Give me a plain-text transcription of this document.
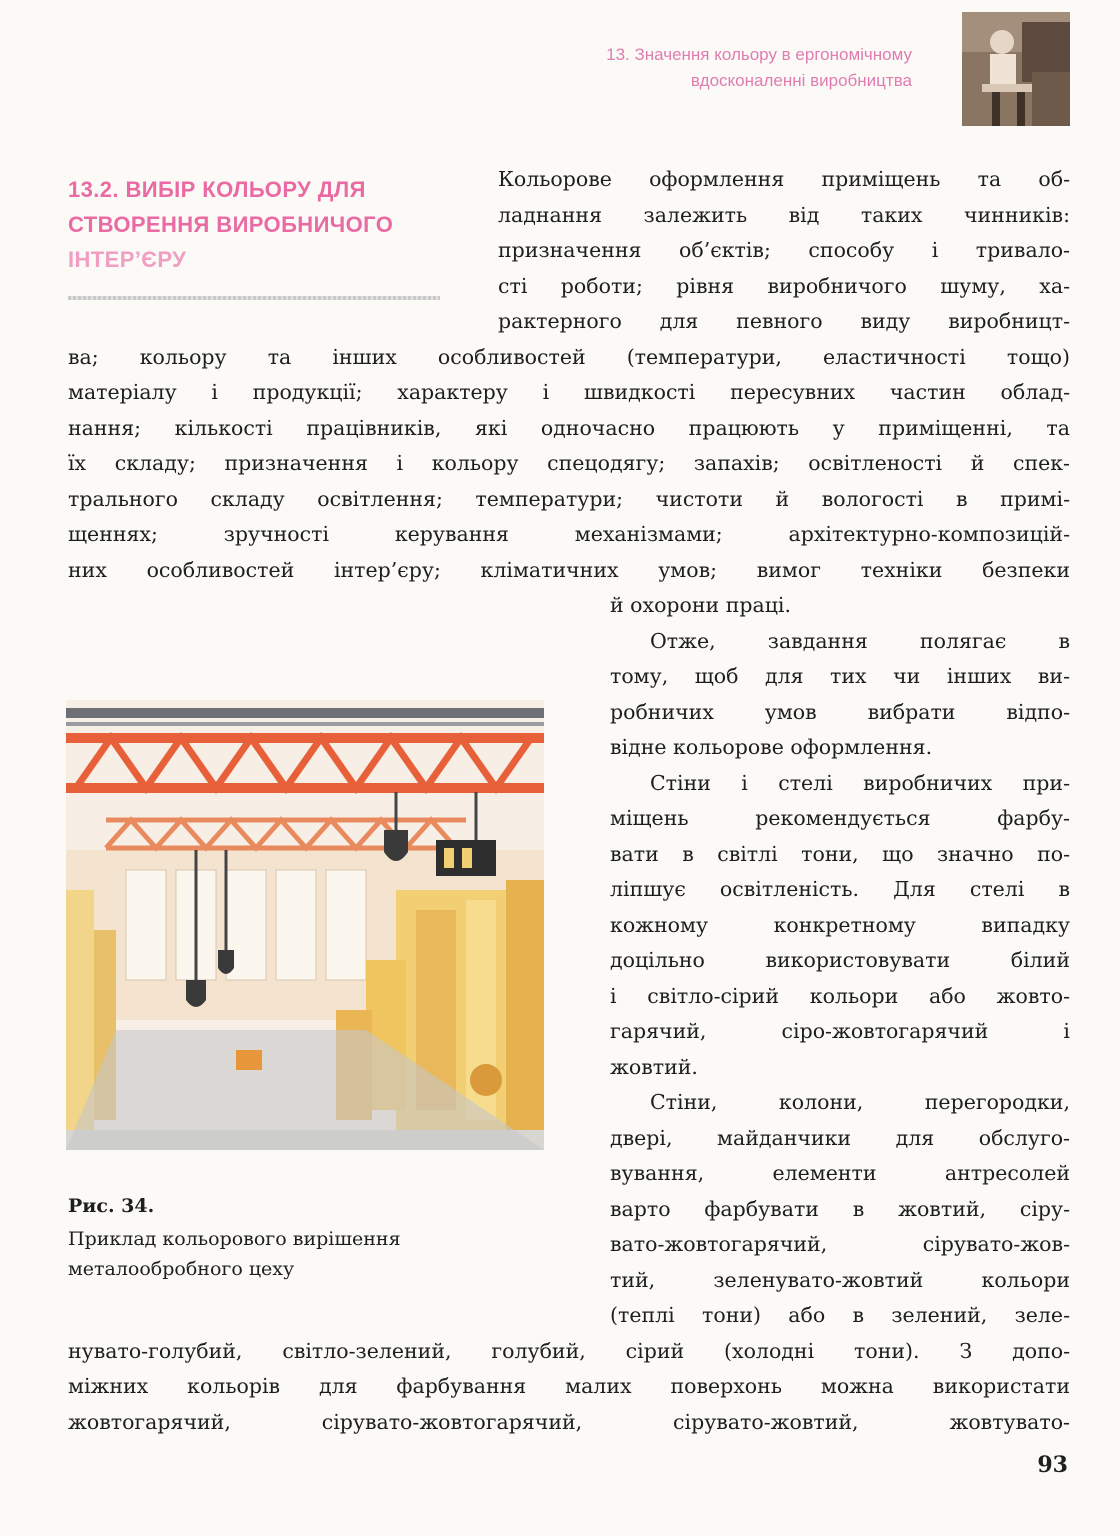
13. Значення кольору в ергономічному
вдосконаленні виробництва
13.2. ВИБІР КОЛЬОРУ ДЛЯ
СТВОРЕННЯ ВИРОБНИЧОГО
ІНТЕР’ЄРУ

Кольорове оформлення приміщень та об-

ладнання залежить від таких чинників:

призначення об’єктів; способу і тривало-

сті роботи; рівня виробничого шуму, ха-

рактерного для певного виду виробницт-

ва; кольору та інших особливостей (температури, еластичності тощо)

матеріалу і продукції; характеру і швидкості пересувних частин облад-

нання; кількості працівників, які одночасно працюють у приміщенні, та

їх складу; призначення і кольору спецодягу; запахів; освітленості й спек-

трального складу освітлення; температури; чистоти й вологості в примі-

щеннях; зручності керування механізмами; архітектурно-композицій-

них особливостей інтер’єру; кліматичних умов; вимог техніки безпеки

й охорони праці.

Отже, завдання полягає в

тому, щоб для тих чи інших ви-

робничих умов вибрати відпо-

відне кольорове оформлення.

Стіни і стелі виробничих при-

міщень рекомендується фарбу-

вати в світлі тони, що значно по-

ліпшує освітленість. Для стелі в

кожному конкретному випадку

доцільно використовувати білий

і світло-сірий кольори або жовто-

гарячий, сіро-жовтогарячий і

жовтий.

Стіни, колони, перегородки,

двері, майданчики для обслуго-

вування, елементи антресолей

варто фарбувати в жовтий, сіру-

вато-жовтогарячий, сірувато-жов-

тий, зеленувато-жовтий кольори

(теплі тони) або в зелений, зеле-

нувато-голубий, світло-зелений, голубий, сірий (холодні тони). З допо-

міжних кольорів для фарбування малих поверхонь можна використати

жовтогарячий, сірувато-жовтогарячий, сірувато-жовтий, жовтувато-

Рис. 34.
Приклад кольорового вирішення
металообробного цеху
93
